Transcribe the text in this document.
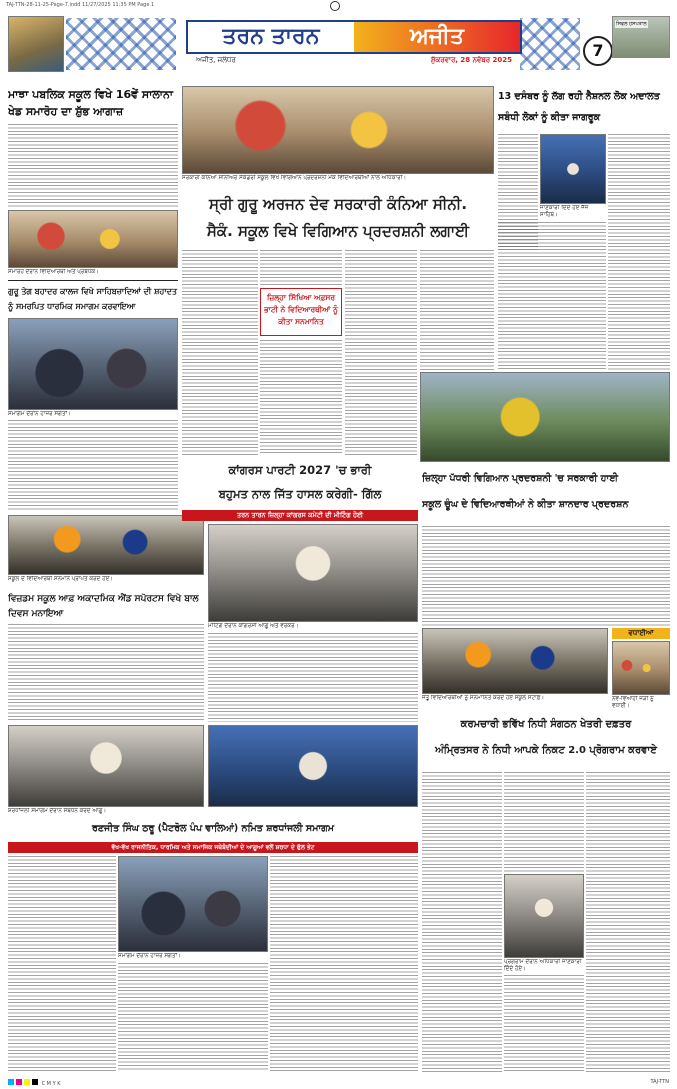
TAJ-TTN-28-11-25-Page-7.indd 11/27/2025 11:35 PM Page 1
ਤਰਨ ਤਾਰਨ	ਅਜੀਤ
ਅਜੀਤ, ਜਲੰਧਰ	ਸ਼ੁੱਕਰਵਾਰ, 28 ਨਵੰਬਰ 2025	7
ਸਿਵਲ ਹਸਪਤਾਲ
ਮਾਝਾ ਪਬਲਿਕ ਸਕੂਲ ਵਿਖੇ 16ਵੇਂ ਸਾਲਾਨਾ ਖੇਡ ਸਮਾਰੋਹ ਦਾ ਸ਼ੁੱਭ ਆਗਾਜ਼
ਸਮਾਰੋਹ ਦੌਰਾਨ ਵਿਦਿਆਰਥੀ ਅਤੇ ਪ੍ਰਬੰਧਕ।
ਗੁਰੂ ਤੇਗ ਬਹਾਦਰ ਕਾਲਜ ਵਿਖੇ ਸਾਹਿਬਜ਼ਾਦਿਆਂ ਦੀ ਸ਼ਹਾਦਤ ਨੂੰ ਸਮਰਪਿਤ ਧਾਰਮਿਕ ਸਮਾਗਮ ਕਰਵਾਇਆ
ਸਮਾਗਮ ਦੌਰਾਨ ਹਾਜ਼ਰ ਸੰਗਤਾਂ।
ਸਕੂਲ ਦੇ ਵਿਦਿਆਰਥੀ ਸਨਮਾਨ ਪ੍ਰਾਪਤ ਕਰਦੇ ਹੋਏ।
ਵਿਜ਼ਡਮ ਸਕੂਲ ਆਫ਼ ਅਕਾਦਮਿਕ ਐਂਡ ਸਪੋਰਟਸ ਵਿਖੇ ਬਾਲ ਦਿਵਸ ਮਨਾਇਆ
ਸਰਕਾਰੀ ਕੰਨਿਆ ਸੀਨੀਅਰ ਸੈਕੰਡਰੀ ਸਕੂਲ ਵਿਖੇ ਵਿਗਿਆਨ ਪ੍ਰਦਰਸ਼ਨੀ ਮੌਕੇ ਵਿਦਿਆਰਥੀਆਂ ਨਾਲ ਅਧਿਕਾਰੀ।
ਸ੍ਰੀ ਗੁਰੂ ਅਰਜਨ ਦੇਵ ਸਰਕਾਰੀ ਕੰਨਿਆ ਸੀਨੀ.
ਸੈਕੰ. ਸਕੂਲ ਵਿਖੇ ਵਿਗਿਆਨ ਪ੍ਰਦਰਸ਼ਨੀ ਲਗਾਈ
ਜ਼ਿਲ੍ਹਾ ਸਿੱਖਿਆ ਅਫ਼ਸਰ ਭਾਟੀ ਨੇ ਵਿਦਿਆਰਥੀਆਂ ਨੂੰ ਕੀਤਾ ਸਨਮਾਨਿਤ
13 ਦਸੰਬਰ ਨੂੰ ਲੱਗ ਰਹੀ ਨੈਸ਼ਨਲ ਲੋਕ ਅਦਾਲਤ ਸਬੰਧੀ ਲੋਕਾਂ ਨੂੰ ਕੀਤਾ ਜਾਗਰੂਕ
ਜਾਣਕਾਰੀ ਦਿੰਦੇ ਹੋਏ ਜੱਜ ਸਾਹਿਬ।
ਕਾਂਗਰਸ ਪਾਰਟੀ 2027 'ਚ ਭਾਰੀ
ਬਹੁਮਤ ਨਾਲ ਜਿੱਤ ਹਾਸਲ ਕਰੇਗੀ- ਗਿੱਲ
ਤਰਨ ਤਾਰਨ ਜ਼ਿਲ੍ਹਾ ਕਾਂਗਰਸ ਕਮੇਟੀ ਦੀ ਮੀਟਿੰਗ ਹੋਈ
ਮੀਟਿੰਗ ਦੌਰਾਨ ਕਾਂਗਰਸੀ ਆਗੂ ਅਤੇ ਵਰਕਰ।
ਜ਼ਿਲ੍ਹਾ ਪੱਧਰੀ ਵਿਗਿਆਨ ਪ੍ਰਦਰਸ਼ਨੀ 'ਚ ਸਰਕਾਰੀ ਹਾਈ
ਸਕੂਲ ਚੂੰਘ ਦੇ ਵਿਦਿਆਰਥੀਆਂ ਨੇ ਕੀਤਾ ਸ਼ਾਨਦਾਰ ਪ੍ਰਦਰਸ਼ਨ
ਜੇਤੂ ਵਿਦਿਆਰਥੀਆਂ ਨੂੰ ਸਨਮਾਨਿਤ ਕਰਦੇ ਹੋਏ ਸਕੂਲ ਸਟਾਫ਼।
ਵਧਾਈਆਂ
ਨਵ-ਵਿਆਹੀ ਜੋੜੀ ਨੂੰ ਵਧਾਈ।
ਸ਼ਰਧਾਂਜਲੀ ਸਮਾਗਮ ਦੌਰਾਨ ਸੰਬੋਧਨ ਕਰਦੇ ਆਗੂ।
ਰਣਜੀਤ ਸਿੰਘ ਠਰੂ (ਪੈਟਰੋਲ ਪੰਪ ਵਾਲਿਆਂ) ਨਮਿਤ ਸ਼ਰਧਾਂਜਲੀ ਸਮਾਗਮ
ਵੱਖ-ਵੱਖ ਰਾਜਨੀਤਿਕ, ਧਾਰਮਿਕ ਅਤੇ ਸਮਾਜਿਕ ਜਥੇਬੰਦੀਆਂ ਦੇ ਆਗੂਆਂ ਵਲੋਂ ਸ਼ਰਧਾ ਦੇ ਫੁੱਲ ਭੇਟ
ਸਮਾਗਮ ਦੌਰਾਨ ਹਾਜ਼ਰ ਸੰਗਤਾਂ।
ਕਰਮਚਾਰੀ ਭਵਿੱਖ ਨਿਧੀ ਸੰਗਠਨ ਖੇਤਰੀ ਦਫ਼ਤਰ
ਅੰਮ੍ਰਿਤਸਰ ਨੇ ਨਿਧੀ ਆਪਕੇ ਨਿਕਟ 2.0 ਪ੍ਰੋਗਰਾਮ ਕਰਵਾਏ
ਪ੍ਰੋਗਰਾਮ ਦੌਰਾਨ ਅਧਿਕਾਰੀ ਜਾਣਕਾਰੀ ਦਿੰਦੇ ਹੋਏ।
C M Y K	TAJ-TTN
